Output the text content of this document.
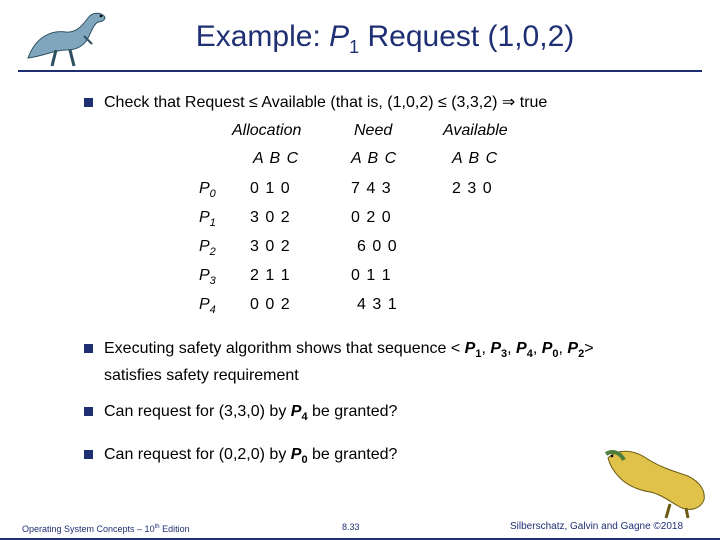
Example: $P_1$ Request (1,0,2)
Check that Request ≤ Available (that is, (1,0,2) ≤ (3,3,2) ⇒ true
Allocation	Need	Available
A B C	A B C	A B C
$P_0$ 0 1 0	7 4 3	2 3 0
$P_1$ 3 0 2	0 2 0
$P_2$ 3 0 2	6 0 0
$P_3$ 2 1 1	0 1 1
$P_4$ 0 0 2	4 3 1
Executing safety algorithm shows that sequence < $P_1$, $P_3$, $P_4$, $P_0$, $P_2>$
satisfies safety requirement
Can request for (3,3,0) by $P_4$ be granted?
Can request for (0,2,0) by $P_0$ be granted?
Operating System Concepts – 10th Edition	8.33	Silberschatz, Galvin and Gagne ©2018
